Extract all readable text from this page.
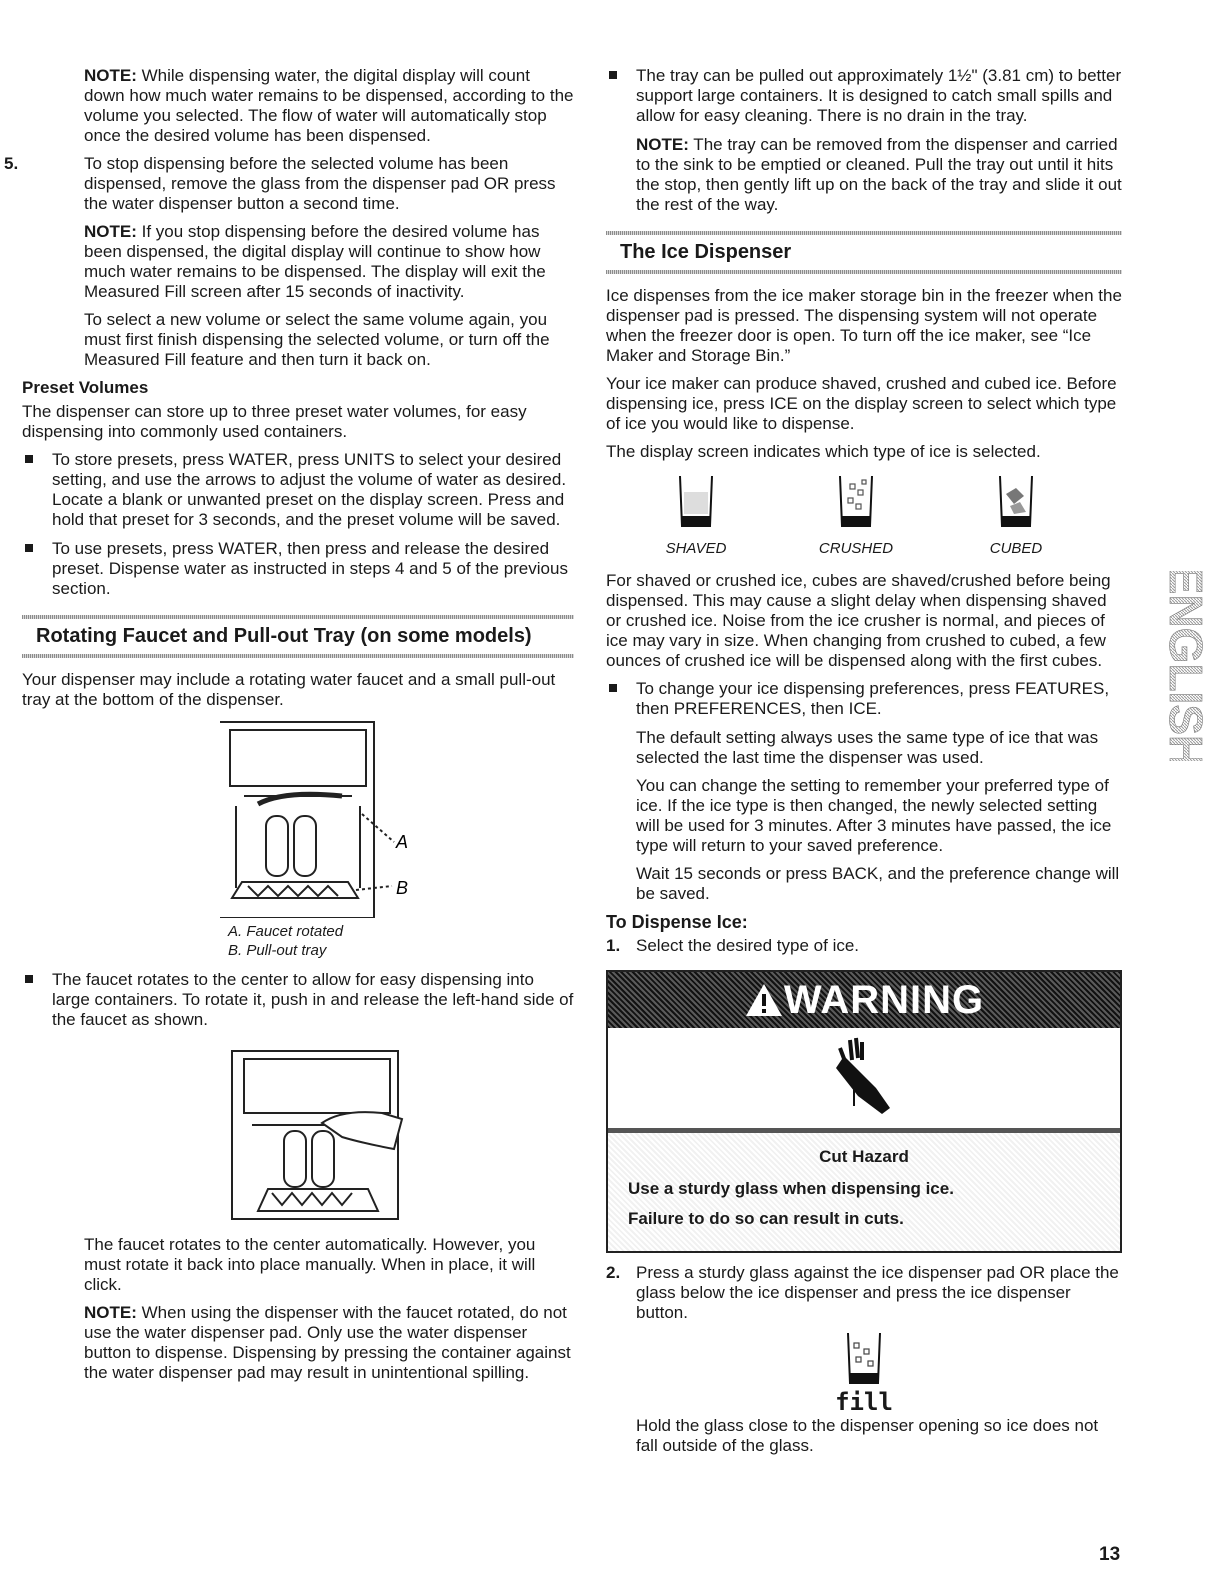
NOTE: While dispensing water, the digital display will count down how much water remains to be dispensed, according to the volume you selected. The flow of water will automatically stop once the desired volume has been dispensed.

5.	To stop dispensing before the selected volume has been dispensed, remove the glass from the dispenser pad OR press the water dispenser button a second time.

NOTE: If you stop dispensing before the desired volume has been dispensed, the digital display will continue to show how much water remains to be dispensed. The display will exit the Measured Fill screen after 15 seconds of inactivity.

To select a new volume or select the same volume again, you must first finish dispensing the selected volume, or turn off the Measured Fill feature and then turn it back on.

Preset Volumes

The dispenser can store up to three preset water volumes, for easy dispensing into commonly used containers.

To store presets, press WATER, press UNITS to select your desired setting, and use the arrows to adjust the volume of water as desired. Locate a blank or unwanted preset on the display screen. Press and hold that preset for 3 seconds, and the preset volume will be saved.
To use presets, press WATER, then press and release the desired preset. Dispense water as instructed in steps 4 and 5 of the previous section.
Rotating Faucet and Pull-out Tray (on some models)

Your dispenser may include a rotating water faucet and a small pull-out tray at the bottom of the dispenser.

A
B
A. Faucet rotated
B. Pull-out tray
The faucet rotates to the center to allow for easy dispensing into large containers. To rotate it, push in and release the left-hand side of the faucet as shown.

The faucet rotates to the center automatically. However, you must rotate it back into place manually. When in place, it will click.

NOTE: When using the dispenser with the faucet rotated, do not use the water dispenser pad. Only use the water dispenser button to dispense. Dispensing by pressing the container against the water dispenser pad may result in unintentional spilling.

The tray can be pulled out approximately 1½" (3.81 cm) to better support large containers. It is designed to catch small spills and allow for easy cleaning. There is no drain in the tray.

NOTE: The tray can be removed from the dispenser and carried to the sink to be emptied or cleaned. Pull the tray out until it hits the stop, then gently lift up on the back of the tray and slide it out the rest of the way.

The Ice Dispenser

Ice dispenses from the ice maker storage bin in the freezer when the dispenser pad is pressed. The dispensing system will not operate when the freezer door is open. To turn off the ice maker, see “Ice Maker and Storage Bin.”

Your ice maker can produce shaved, crushed and cubed ice. Before dispensing ice, press ICE on the display screen to select which type of ice you would like to dispense.

The display screen indicates which type of ice is selected.

SHAVED	CRUSHED	CUBED

For shaved or crushed ice, cubes are shaved/crushed before being dispensed. This may cause a slight delay when dispensing shaved or crushed ice. Noise from the ice crusher is normal, and pieces of ice may vary in size. When changing from crushed to cubed, a few ounces of crushed ice will be dispensed along with the first cubes.

To change your ice dispensing preferences, press FEATURES, then PREFERENCES, then ICE.

The default setting always uses the same type of ice that was selected the last time the dispenser was used.

You can change the setting to remember your preferred type of ice. If the ice type is then changed, the newly selected setting will be used for 3 minutes. After 3 minutes have passed, the ice type will return to your saved preference.

Wait 15 seconds or press BACK, and the preference change will be saved.

To Dispense Ice:
1. Select the desired type of ice.
WARNING
Cut Hazard

Use a sturdy glass when dispensing ice.

Failure to do so can result in cuts.

2. Press a sturdy glass against the ice dispenser pad OR place the glass below the ice dispenser and press the ice dispenser button.
fill

Hold the glass close to the dispenser opening so ice does not fall outside of the glass.

ENGLISH
13
